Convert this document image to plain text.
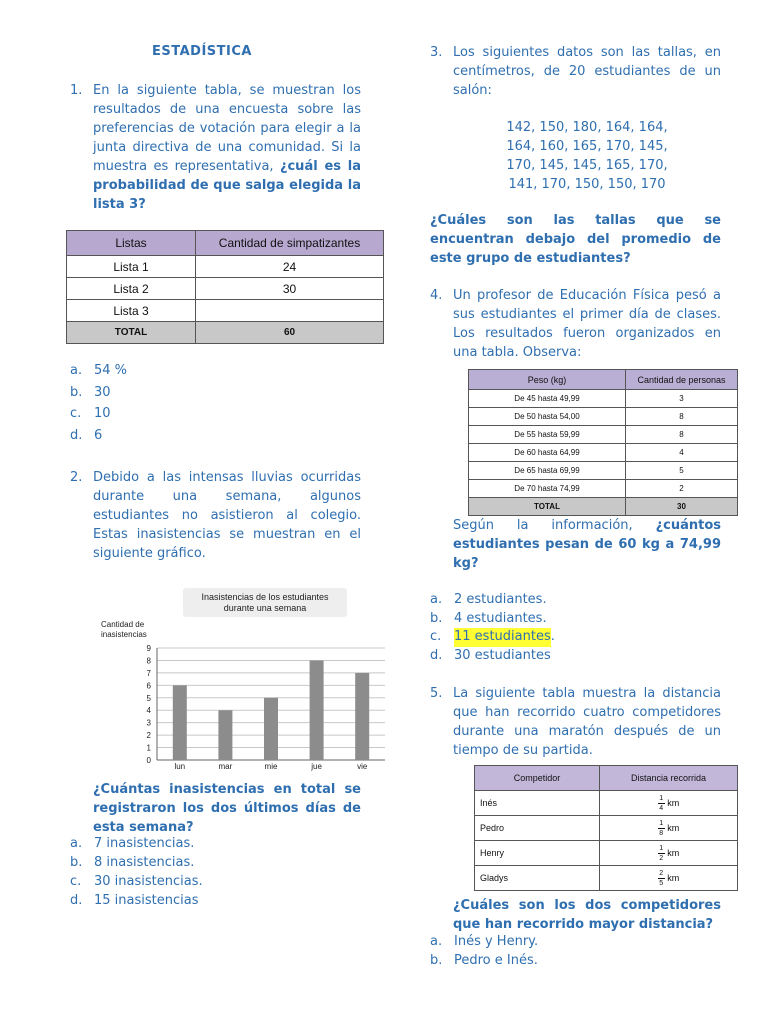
ESTADÍSTICA
1. En la siguiente tabla, se muestran los resultados de una encuesta sobre las preferencias de votación para elegir a la junta directiva de una comunidad. Si la muestra es representativa, ¿cuál es la probabilidad de que salga elegida la lista 3?
Listas	Cantidad de simpatizantes
Lista 1	24
Lista 2	30
Lista 3	
TOTAL	60
a. 54 %
b. 30
c. 10
d. 6
2. Debido a las intensas lluvias ocurridas durante una semana, algunos estudiantes no asistieron al colegio. Estas inasistencias se muestran en el siguiente gráfico.
Inasistencias de los estudiantes
durante una semana
Cantidad de
inasistencias
0
1
2
3
4
5
6
7
8
9
lun	mar	mie	jue	vie
¿Cuántas inasistencias en total se registraron los dos últimos días de esta semana?
a. 7 inasistencias.
b. 8 inasistencias.
c. 30 inasistencias.
d. 15 inasistencias
3. Los siguientes datos son las tallas, en centímetros, de 20 estudiantes de un salón:
142, 150, 180, 164, 164,
164, 160, 165, 170, 145,
170, 145, 145, 165, 170,
141, 170, 150, 150, 170
¿Cuáles son las tallas que se encuentran debajo del promedio de este grupo de estudiantes?
4. Un profesor de Educación Física pesó a sus estudiantes el primer día de clases. Los resultados fueron organizados en una tabla. Observa:
Peso (kg)	Cantidad de personas
De 45 hasta 49,99	3
De 50 hasta 54,00	8
De 55 hasta 59,99	8
De 60 hasta 64,99	4
De 65 hasta 69,99	5
De 70 hasta 74,99	2
TOTAL	30
Según la información, ¿cuántos estudiantes pesan de 60 kg a 74,99 kg?
a. 2 estudiantes.
b. 4 estudiantes.
c. 11 estudiantes .
d. 30 estudiantes
5. La siguiente tabla muestra la distancia que han recorrido cuatro competidores durante una maratón después de un tiempo de su partida.
Competidor	Distancia recorrida
Inés	$\frac{1}{4}$ km
Pedro	$\frac{1}{8}$ km
Henry	$\frac{1}{2}$ km
Gladys	$\frac{2}{5}$ km
¿Cuáles son los dos competidores que han recorrido mayor distancia?
a. Inés y Henry.
b. Pedro e Inés.
